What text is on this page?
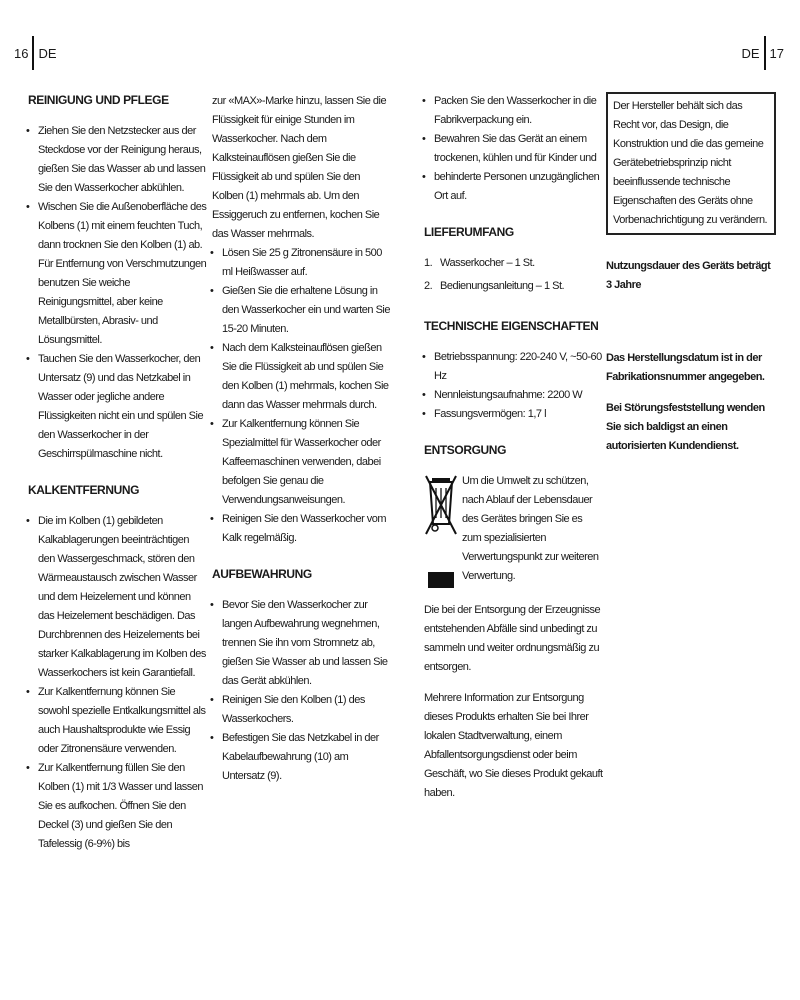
16 DE	DE 17
REINIGUNG UND PFLEGE
• Ziehen Sie den Netzstecker aus der Steckdose vor der Reinigung heraus, gießen Sie das Wasser ab und lassen Sie den Wasserkocher abkühlen.
• Wischen Sie die Außenoberfläche des Kolbens (1) mit einem feuchten Tuch, dann trocknen Sie den Kolben (1) ab. Für Entfernung von Verschmutzungen benutzen Sie weiche Reinigungsmittel, aber keine Metallbürsten, Abrasiv- und Lösungsmittel.
• Tauchen Sie den Wasserkocher, den Untersatz (9) und das Netzkabel in Wasser oder jegliche andere Flüssigkeiten nicht ein und spülen Sie den Wasserkocher in der Geschirrspülmaschine nicht.
KALKENTFERNUNG
• Die im Kolben (1) gebildeten Kalkablagerungen beeinträchtigen den Wassergeschmack, stören den Wärmeaustausch zwischen Wasser und dem Heizelement und können das Heizelement beschädigen. Das Durchbrennen des Heizelements bei starker Kalkablagerung im Kolben des Wasserkochers ist kein Garantiefall.
• Zur Kalkentfernung können Sie sowohl spezielle Entkalkungsmittel als auch Haushaltsprodukte wie Essig oder Zitronensäure verwenden.
• Zur Kalkentfernung füllen Sie den Kolben (1) mit 1/3 Wasser und lassen Sie es aufkochen. Öffnen Sie den Deckel (3) und gießen Sie den Tafelessig (6-9%) bis

zur «MAX»-Marke hinzu, lassen Sie die Flüssigkeit für einige Stunden im Wasserkocher. Nach dem Kalksteinauflösen gießen Sie die Flüssigkeit ab und spülen Sie den Kolben (1) mehrmals ab. Um den Essiggeruch zu entfernen, kochen Sie das Wasser mehrmals.

• Lösen Sie 25 g Zitronensäure in 500 ml Heißwasser auf.
• Gießen Sie die erhaltene Lösung in den Wasserkocher ein und warten Sie 15-20 Minuten.
• Nach dem Kalksteinauflösen gießen Sie die Flüssigkeit ab und spülen Sie den Kolben (1) mehrmals, kochen Sie dann das Wasser mehrmals durch.
• Zur Kalkentfernung können Sie Spezialmittel für Wasserkocher oder Kaffeemaschinen verwenden, dabei befolgen Sie genau die Verwendungsanweisungen.
• Reinigen Sie den Wasserkocher vom Kalk regelmäßig.
AUFBEWAHRUNG
• Bevor Sie den Wasserkocher zur langen Aufbewahrung wegnehmen, trennen Sie ihn vom Stromnetz ab, gießen Sie Wasser ab und lassen Sie das Gerät abkühlen.
• Reinigen Sie den Kolben (1) des Wasserkochers.
• Befestigen Sie das Netzkabel in der Kabelaufbewahrung (10) am Untersatz (9).
• Packen Sie den Wasserkocher in die Fabrikverpackung ein.
• Bewahren Sie das Gerät an einem trockenen, kühlen und für Kinder und
• behinderte Personen unzugänglichen Ort auf.
LIEFERUMFANG
1. Wasserkocher – 1 St.
2. Bedienungsanleitung – 1 St.
TECHNISCHE EIGENSCHAFTEN
• Betriebsspannung: 220-240 V, ~50-60 Hz
• Nennleistungsaufnahme: 2200 W
• Fassungsvermögen: 1,7 l
ENTSORGUNG

Um die Umwelt zu schützen, nach Ablauf der Lebensdauer des Gerätes bringen Sie es zum spezialisierten Verwertungspunkt zur weiteren Verwertung.

Die bei der Entsorgung der Erzeugnisse entstehenden Abfälle sind unbedingt zu sammeln und weiter ordnungsmäßig zu entsorgen.

Mehrere Information zur Entsorgung dieses Produkts erhalten Sie bei Ihrer lokalen Stadtverwaltung, einem Abfallentsorgungsdienst oder beim Geschäft, wo Sie dieses Produkt gekauft haben.

Der Hersteller behält sich das Recht vor, das Design, die Konstruktion und die das gemeine Gerätebetriebsprinzip nicht beeinflussende technische Eigenschaften des Geräts ohne Vorbenachrichtigung zu verändern.

Nutzungsdauer des Geräts beträgt 3 Jahre

Das Herstellungsdatum ist in der Fabrikationsnummer angegeben.

Bei Störungsfeststellung wenden Sie sich baldigst an einen autorisierten Kundendienst.
